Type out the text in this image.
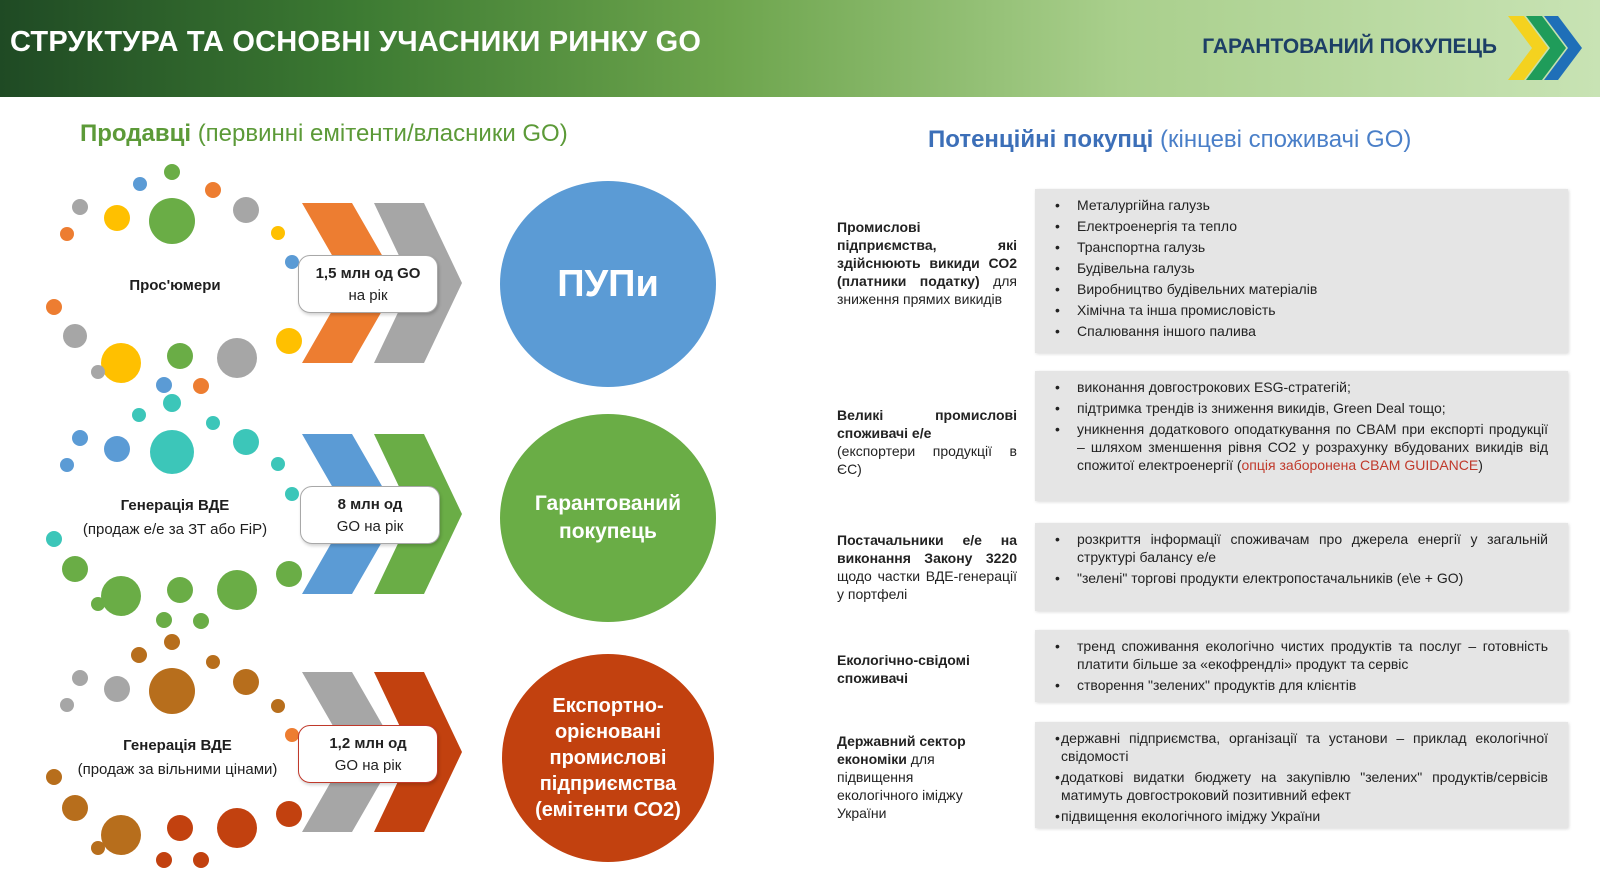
СТРУКТУРА ТА ОСНОВНІ УЧАСНИКИ РИНКУ GO	ГАРАНТОВАНИЙ ПОКУПЕЦЬ
Продавці (первинні емітенти/власники GO)	Потенційні покупці (кінцеві споживачі GO)
Прос'юмери
Генерація ВДЕ
(продаж е/е за ЗТ або FiP)
Генерація ВДЕ
(продаж за вільними цінами)
1,5 млн од GO
на рік
8 млн од
GO на рік
1,2 млн од
GO на рік
ПУПи
Гарантований покупець
Експортно-орієновані промислові підприємства (емітенти СО2)
Промислові підприємства, які здійснюють викиди СО2 (платники податку) для зниження прямих викидів
• Металургійна галузь
• Електроенергія та тепло
• Транспортна галузь
• Будівельна галузь
• Виробництво будівельних матеріалів
• Хімічна та інша промисловість
• Спалювання іншого палива
Великі промислові споживачі е/е
(експортери продукції в ЄС)
• виконання довгострокових ESG-стратегій;
• підтримка трендів із зниження викидів, Green Deal тощо;
• уникнення додаткового оподаткування по CBAM при експорті продукції – шляхом зменшення рівня СО2 у розрахунку вбудованих викидів від спожитої електроенергії (опція заборонена CBAM GUIDANCE)
Постачальники е/е на виконання Закону 3220 щодо частки ВДЕ-генерації у портфелі
• розкриття інформації споживачам про джерела енергії у загальній структурі балансу е/е
• "зелені" торгові продукти електропостачальників (е\е + GO)
Екологічно-свідомі споживачі
• тренд споживання екологічно чистих продуктів та послуг – готовність платити більше за «екофрендлі» продукт та сервіс
• створення "зелених" продуктів для клієнтів
Державний сектор економіки для підвищення екологічного іміджу України
• державні підприємства, організації та установи – приклад екологічної свідомості
• додаткові видатки бюджету на закупівлю "зелених" продуктів/сервісів матимуть довгостроковий позитивний ефект
• підвищення екологічного іміджу України
